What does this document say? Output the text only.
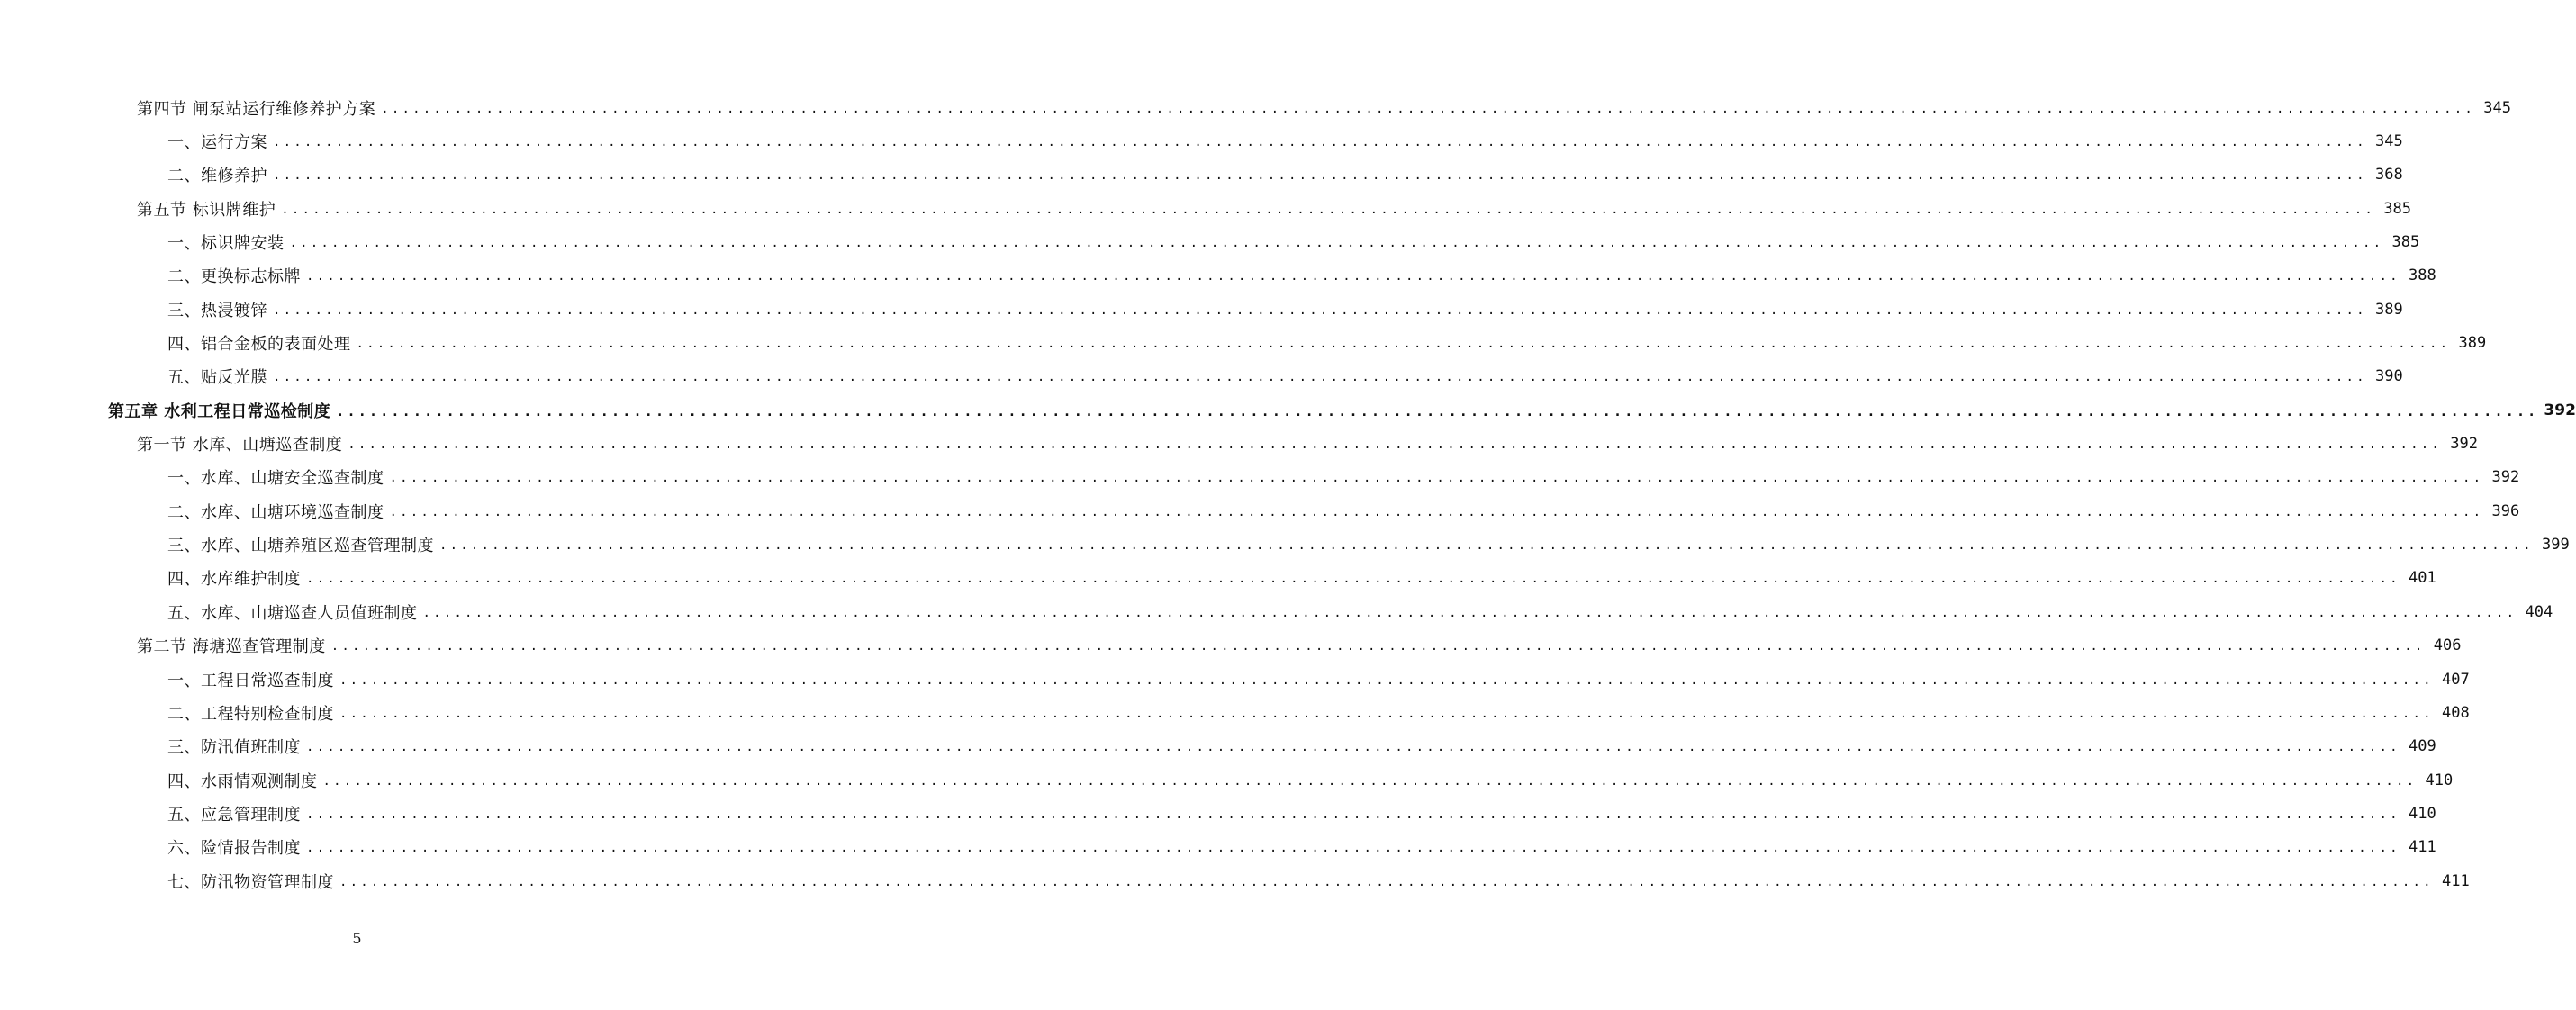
第四节 闸泵站运行维修养护方案 ........................................................................................................................................................................................................ 345
一、运行方案 ........................................................................................................................................................................................................ 345
二、维修养护 ........................................................................................................................................................................................................ 368
第五节 标识牌维护 ........................................................................................................................................................................................................ 385
一、标识牌安装 ........................................................................................................................................................................................................ 385
二、更换标志标牌 ........................................................................................................................................................................................................ 388
三、热浸镀锌 ........................................................................................................................................................................................................ 389
四、铝合金板的表面处理 ........................................................................................................................................................................................................ 389
五、贴反光膜 ........................................................................................................................................................................................................ 390
第五章 水利工程日常巡检制度 ........................................................................................................................................................................................................ 392
第一节 水库、山塘巡查制度 ........................................................................................................................................................................................................ 392
一、水库、山塘安全巡查制度 ........................................................................................................................................................................................................ 392
二、水库、山塘环境巡查制度 ........................................................................................................................................................................................................ 396
三、水库、山塘养殖区巡查管理制度 ........................................................................................................................................................................................................ 399
四、水库维护制度 ........................................................................................................................................................................................................ 401
五、水库、山塘巡查人员值班制度 ........................................................................................................................................................................................................ 404
第二节 海塘巡查管理制度 ........................................................................................................................................................................................................ 406
一、工程日常巡查制度 ........................................................................................................................................................................................................ 407
二、工程特别检查制度 ........................................................................................................................................................................................................ 408
三、防汛值班制度 ........................................................................................................................................................................................................ 409
四、水雨情观测制度 ........................................................................................................................................................................................................ 410
五、应急管理制度 ........................................................................................................................................................................................................ 410
六、险情报告制度 ........................................................................................................................................................................................................ 411
七、防汛物资管理制度 ........................................................................................................................................................................................................ 411
5
